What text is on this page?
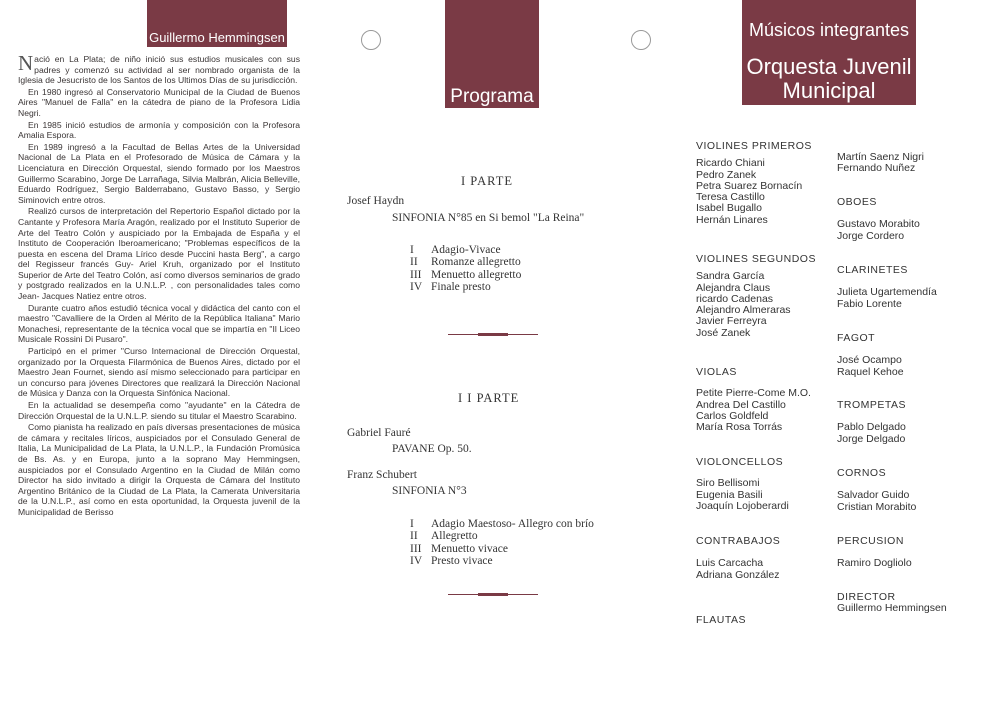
Guillermo Hemmingsen
Programa
Músicos integrantes
Orquesta Juvenil
Municipal

Nació en La Plata; de niño inició sus estudios musicales con sus padres y comenzó su actividad al ser nombrado organista de la Iglesia de Jesucristo de los Santos de los Ultimos Días de su jurisdicción.

En 1980 ingresó al Conservatorio Municipal de la Ciudad de Buenos Aires "Manuel de Falla" en la cátedra de piano de la Profesora Lidia Negri.

En 1985 inició estudios de armonía y composición con la Profesora Amalia Espora.

En 1989 ingresó a la Facultad de Bellas Artes de la Universidad Nacional de La Plata en el Profesorado de Música de Cámara y la Licenciatura en Dirección Orquestal, siendo formado por los Maestros Guillermo Scarabino, Jorge De Larrañaga, Silvia Malbrán, Alicia Belleville, Eduardo Rodríguez, Sergio Balderrabano, Gustavo Basso, y Sergio Siminovich entre otros.

Realizó cursos de interpretación del Repertorio Español dictado por la Cantante y Profesora María Aragón, realizado por el Instituto Superior de Arte del Teatro Colón y auspiciado por la Embajada de España y el Instituto de Cooperación Iberoamericano; "Problemas específicos de la puesta en escena del Drama Lírico desde Puccini hasta Berg", a cargo del Regisseur francés Guy- Ariel Kruh, organizado por el Instituto Superior de Arte del Teatro Colón, así como diversos seminarios de grado y postgrado realizados en la U.N.L.P. , con personalidades tales como Jean- Jacques Natiez entre otros.

Durante cuatro años estudió técnica vocal y didáctica del canto con el maestro "Cavalliere de la Orden al Mérito de la República Italiana" Mario Monachesi, representante de la técnica vocal que se impartía en "Il Liceo Musicale Rossini Di Pusaro".

Participó en el primer "Curso Internacional de Dirección Orquestal, organizado por la Orquesta Filarmónica de Buenos Aires, dictado por el Maestro Jean Fournet, siendo así mismo seleccionado para participar en un concurso para jóvenes Directores que realizará la Dirección Nacional de Música y Danza con la Orquesta Sinfónica Nacional.

En la actualidad se desempeña como "ayudante" en la Cátedra de Dirección Orquestal de la U.N.L.P. siendo su titular el Maestro Scarabino.

Como pianista ha realizado en país diversas presentaciones de música de cámara y recitales líricos, auspiciados por el Consulado General de Italia, La Municipalidad de La Plata, la U.N.L.P., la Fundación Promúsica de Bs. As. y en Europa, junto a la soprano May Hemmingsen, auspiciados por el Consulado Argentino en la Ciudad de Milán como Director ha sido invitado a dirigir la Orquesta de Cámara del Instituto Argentino Británico de la Ciudad de La Plata, la Camerata Universitaria de la U.N.L.P., así como en esta oportunidad, la Orquesta juvenil de la Municipalidad de Berisso

I PARTE
Josef Haydn
SINFONIA N°85 en Si bemol "La Reina"
I Adagio-Vivace
II Romanze allegretto
III Menuetto allegretto
IV Finale presto
I I PARTE
Gabriel Fauré
PAVANE Op. 50.
Franz Schubert
SINFONIA N°3
I Adagio Maestoso- Allegro con brío
II Allegretto
III Menuetto vivace
IV Presto vivace
VIOLINES PRIMEROS
Ricardo Chiani
Pedro Zanek
Petra Suarez Bornacín
Teresa Castillo
Isabel Bugallo
Hernán Linares
VIOLINES SEGUNDOS
Sandra García
Alejandra Claus
ricardo Cadenas
Alejandro Almeraras
Javier Ferreyra
José Zanek
VIOLAS
Petite Pierre-Come M.O.
Andrea Del Castillo
Carlos Goldfeld
María Rosa Torrás
VIOLONCELLOS
Siro Bellisomi
Eugenia Basili
Joaquín Lojoberardi
CONTRABAJOS
Luis Carcacha
Adriana González
FLAUTAS
Martín Saenz Nigri
Fernando Nuñez
OBOES
Gustavo Morabito
Jorge Cordero
CLARINETES
Julieta Ugartemendía
Fabio Lorente
FAGOT
José Ocampo
Raquel Kehoe
TROMPETAS
Pablo Delgado
Jorge Delgado
CORNOS
Salvador Guido
Cristian Morabito
PERCUSION
Ramiro Dogliolo
DIRECTOR
Guillermo Hemmingsen
